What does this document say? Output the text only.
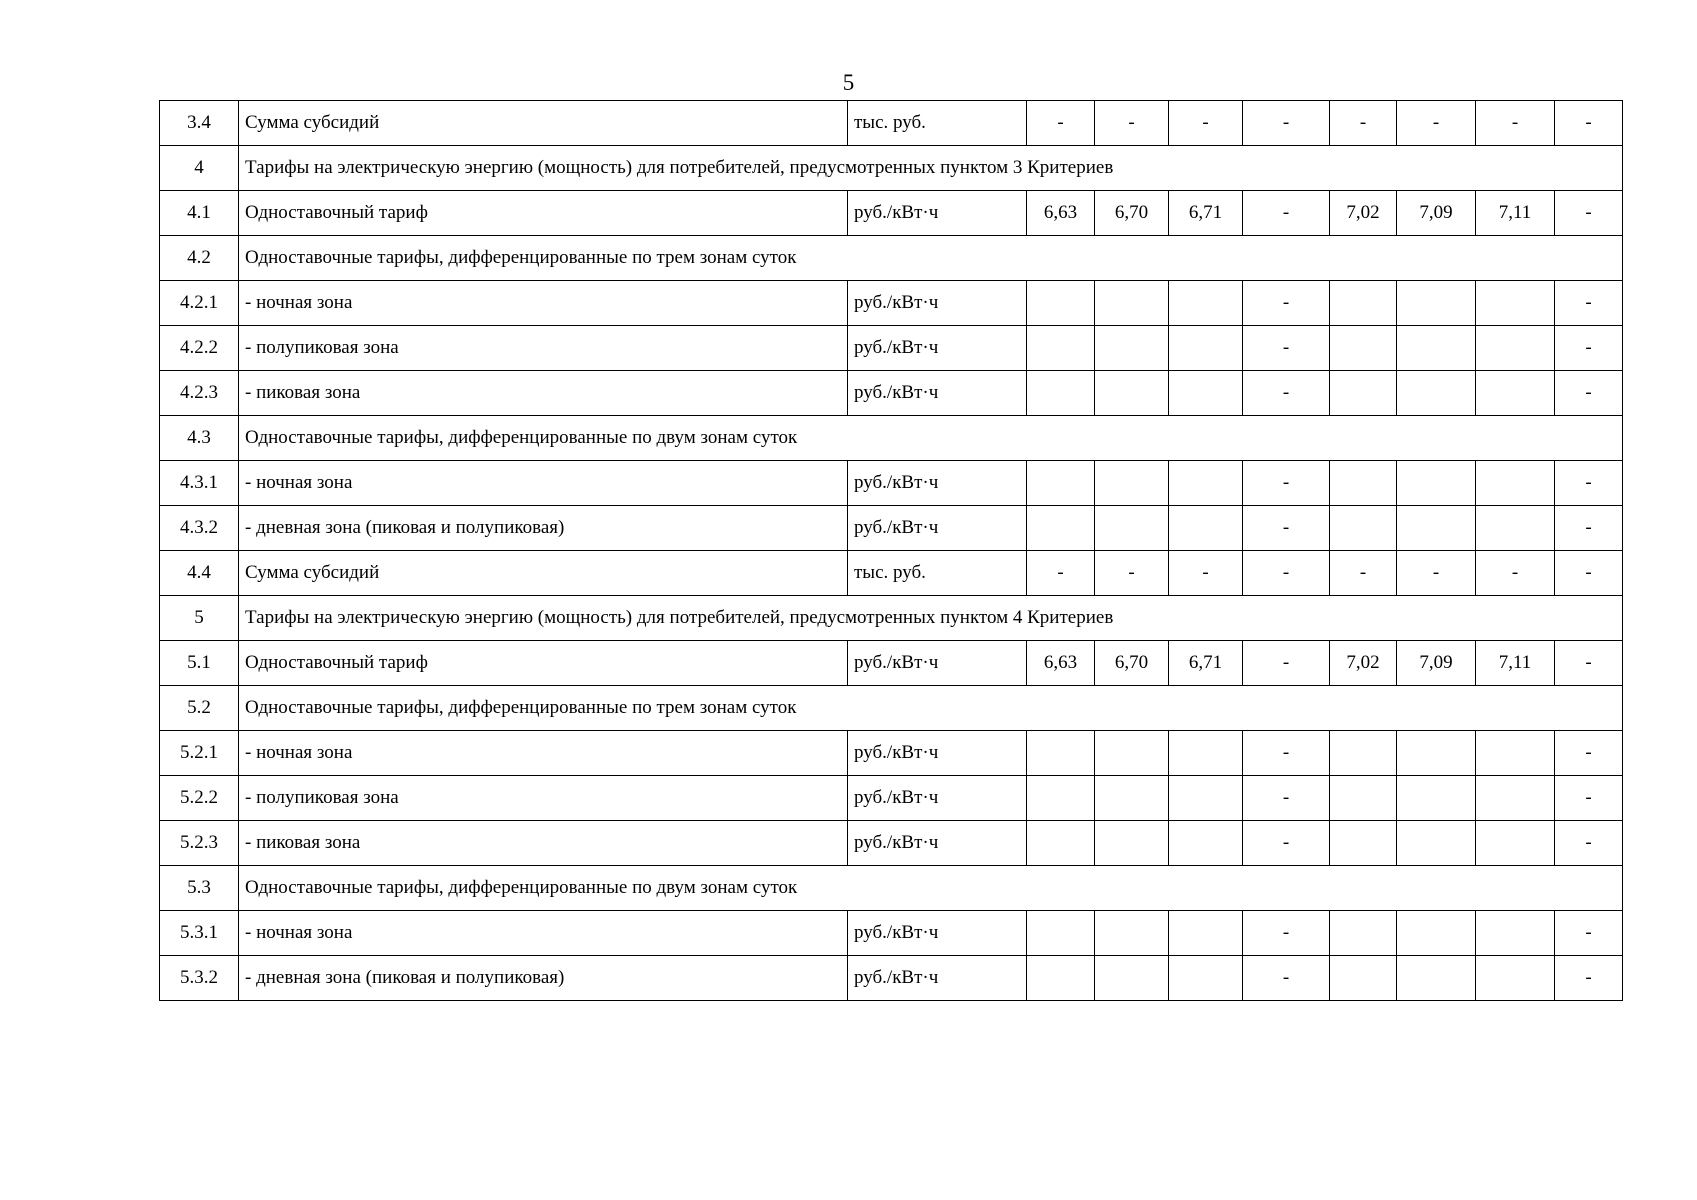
5
3.4	Сумма субсидий	тыс. руб.	-	-	-	-	-	-	-	-
4	Тарифы на электрическую энергию (мощность) для потребителей, предусмотренных пунктом 3 Критериев									
4.1	Одноставочный тариф	руб./кВт·ч	6,63	6,70	6,71	-	7,02	7,09	7,11	-
4.2	Одноставочные тарифы, дифференцированные по трем зонам суток									
4.2.1	- ночная зона	руб./кВт·ч				-				-
4.2.2	- полупиковая зона	руб./кВт·ч				-				-
4.2.3	- пиковая зона	руб./кВт·ч				-				-
4.3	Одноставочные тарифы, дифференцированные по двум зонам суток									
4.3.1	- ночная зона	руб./кВт·ч				-				-
4.3.2	- дневная зона (пиковая и полупиковая)	руб./кВт·ч				-				-
4.4	Сумма субсидий	тыс. руб.	-	-	-	-	-	-	-	-
5	Тарифы на электрическую энергию (мощность) для потребителей, предусмотренных пунктом 4 Критериев									
5.1	Одноставочный тариф	руб./кВт·ч	6,63	6,70	6,71	-	7,02	7,09	7,11	-
5.2	Одноставочные тарифы, дифференцированные по трем зонам суток									
5.2.1	- ночная зона	руб./кВт·ч				-				-
5.2.2	- полупиковая зона	руб./кВт·ч				-				-
5.2.3	- пиковая зона	руб./кВт·ч				-				-
5.3	Одноставочные тарифы, дифференцированные по двум зонам суток									
5.3.1	- ночная зона	руб./кВт·ч				-				-
5.3.2	- дневная зона (пиковая и полупиковая)	руб./кВт·ч				-				-
